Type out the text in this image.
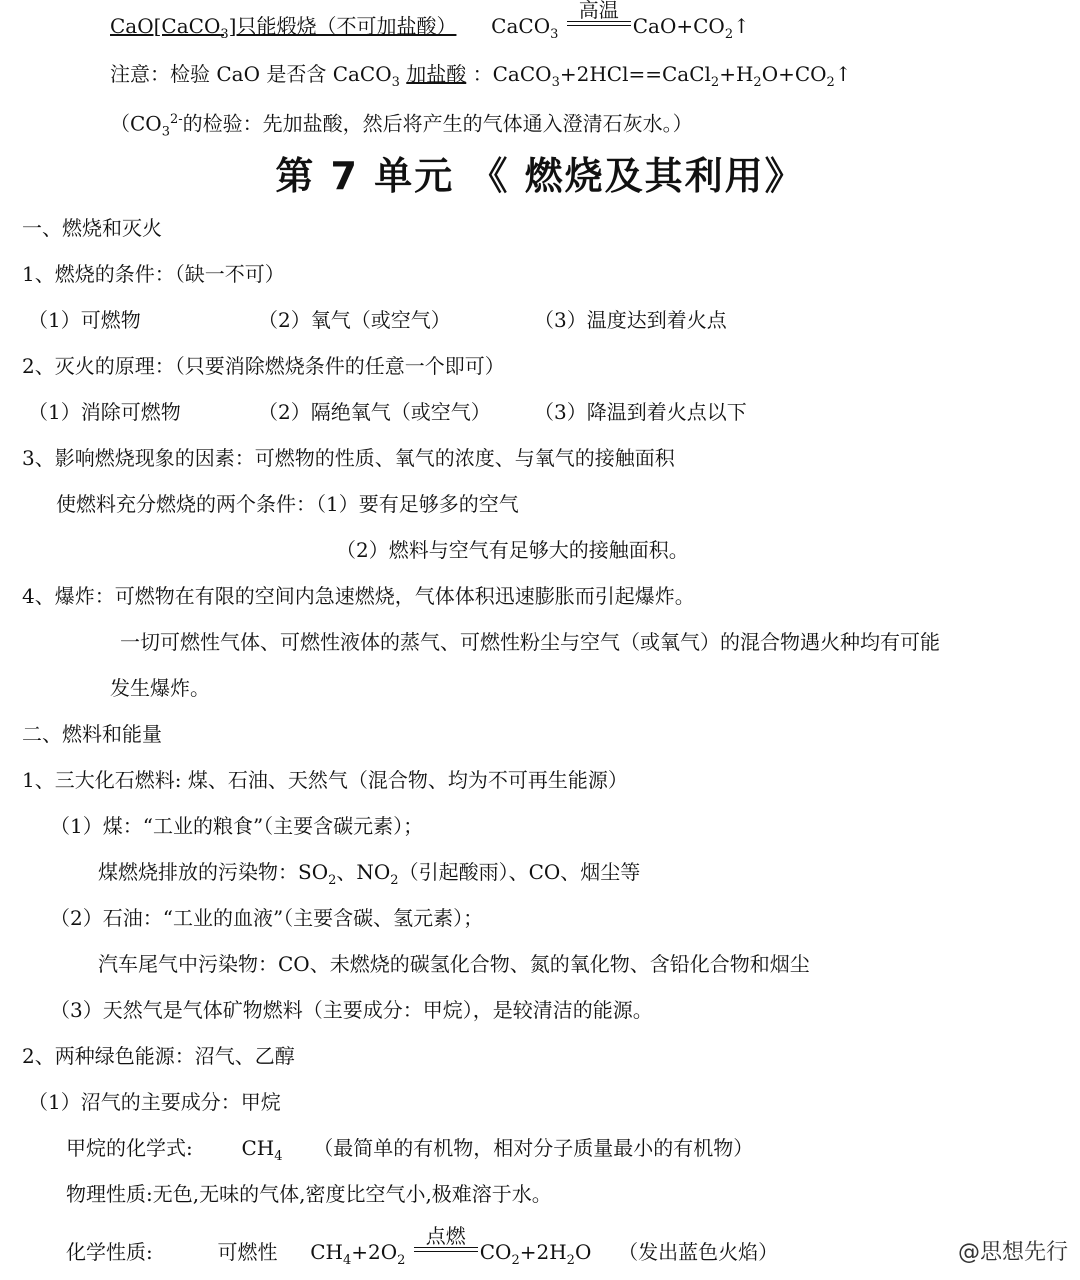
CaO[CaCO$_3$]只能煅烧（不可加盐酸） CaCO$_3$
高温
$CaO+CO_2↑$
注意：检验 CaO 是否含 CaCO$_3$ 加盐酸 ：$CaCO_3+2HCl==CaCl_2+H_2O+CO_2↑$
（$CO_3^{2-}$的检验：先加盐酸，然后将产生的气体通入澄清石灰水。）
第 7 单元 《 燃烧及其利用》
一、燃烧和灭火
1、燃烧的条件：（缺一不可）
（1）可燃物	（2）氧气（或空气）	（3）温度达到着火点
2、灭火的原理：（只要消除燃烧条件的任意一个即可）
（1）消除可燃物	（2）隔绝氧气（或空气） （3）降温到着火点以下
3、影响燃烧现象的因素：可燃物的性质、氧气的浓度、与氧气的接触面积
使燃料充分燃烧的两个条件：（1）要有足够多的空气
（2）燃料与空气有足够大的接触面积。
4、爆炸：可燃物在有限的空间内急速燃烧，气体体积迅速膨胀而引起爆炸。
一切可燃性气体、可燃性液体的蒸气、可燃性粉尘与空气（或氧气）的混合物遇火种均有可能
发生爆炸。
二、燃料和能量
1、三大化石燃料: 煤、石油、天然气（混合物、均为不可再生能源）
（1）煤：“工业的粮食”（主要含碳元素）；
煤燃烧排放的污染物：$SO_2$、$NO_2$（引起酸雨）、CO、烟尘等
（2）石油：“工业的血液”（主要含碳、氢元素）；
汽车尾气中污染物：CO、未燃烧的碳氢化合物、氮的氧化物、含铅化合物和烟尘
（3）天然气是气体矿物燃料（主要成分：甲烷），是较清洁的能源。
2、两种绿色能源：沼气、乙醇
（1）沼气的主要成分：甲烷
甲烷的化学式: $CH_4$ （最简单的有机物，相对分子质量最小的有机物）
物理性质:无色,无味的气体,密度比空气小,极难溶于水。
化学性质:	可燃性 $CH_4+2O_2$
点燃
$CO_2+2H_2O$ （发出蓝色火焰）	@思想先行
